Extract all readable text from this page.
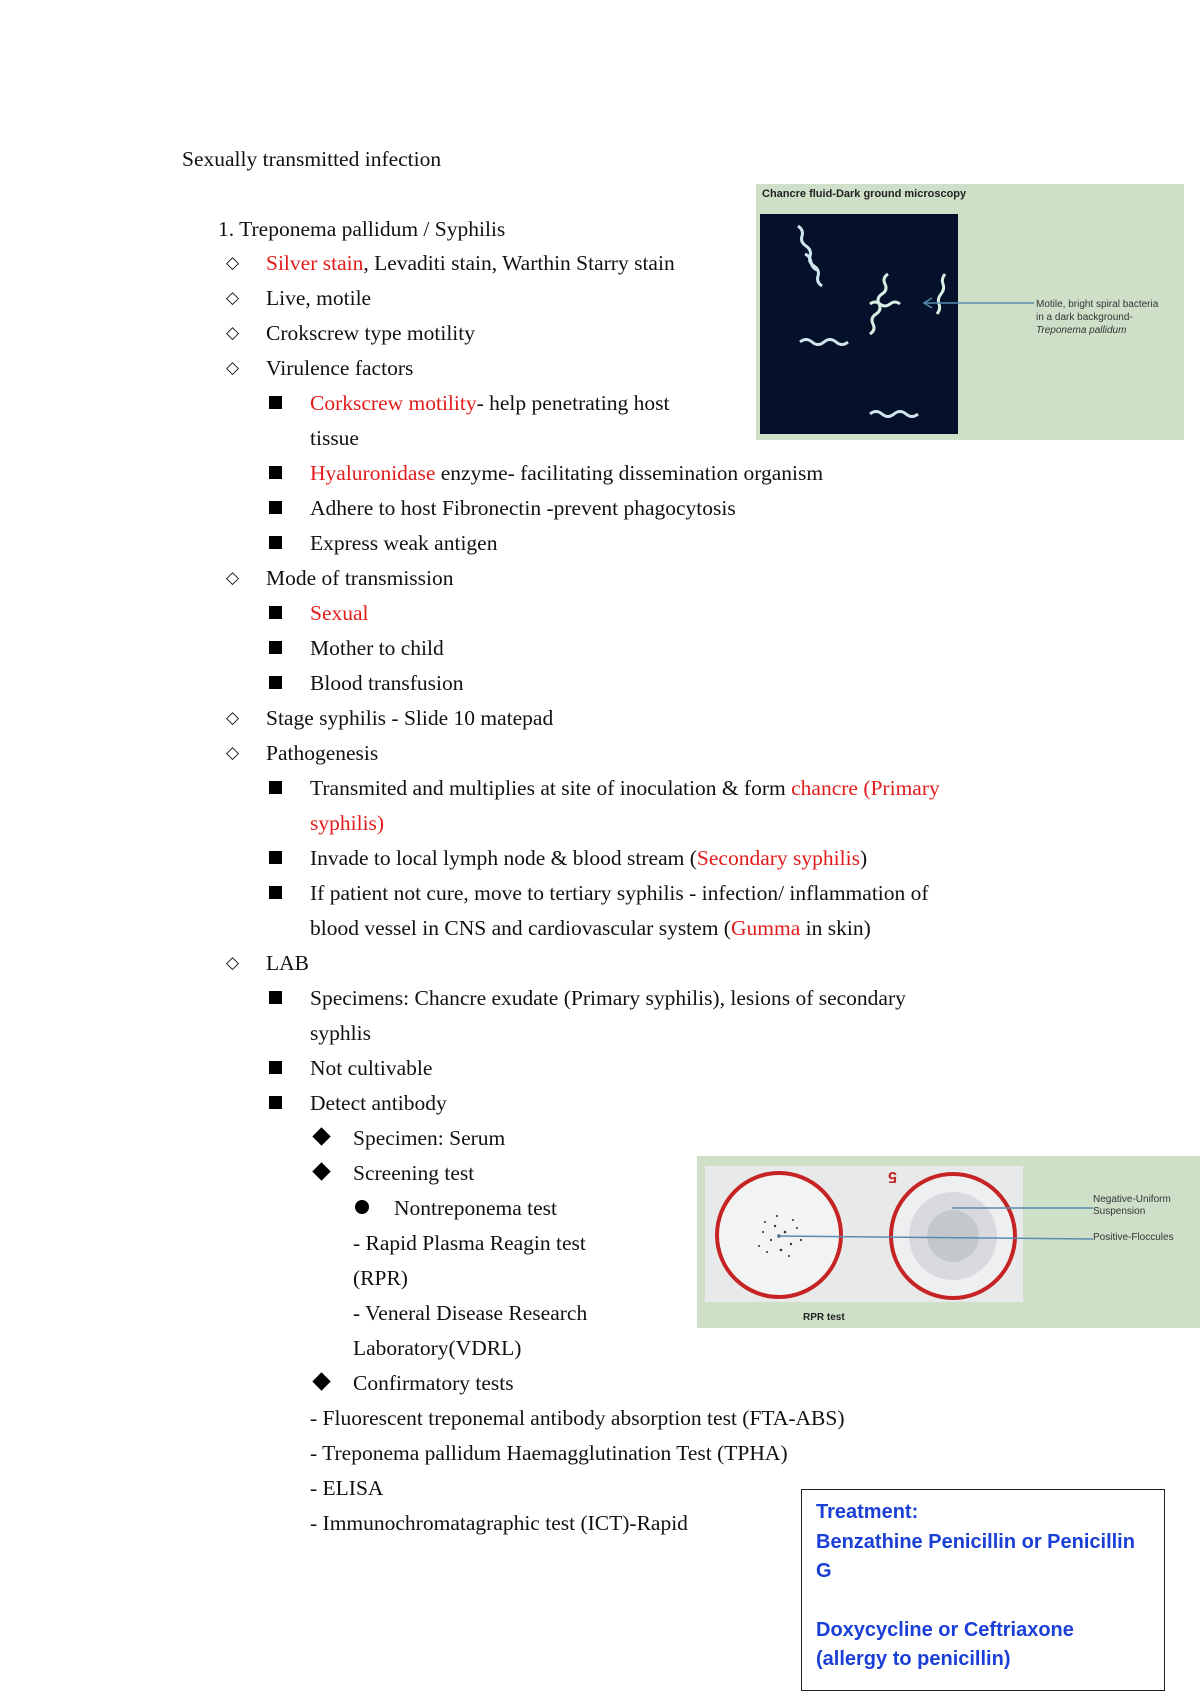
Sexually transmitted infection
1. Treponema pallidum / Syphilis
◇	Silver stain, Levaditi stain, Warthin Starry stain
◇	Live, motile
◇	Crokscrew type motility
◇	Virulence factors
Corkscrew motility- help penetrating host
tissue
Hyaluronidase enzyme- facilitating dissemination organism
Adhere to host Fibronectin -prevent phagocytosis
Express weak antigen
◇	Mode of transmission
Sexual
Mother to child
Blood transfusion
◇	Stage syphilis - Slide 10 matepad
◇	Pathogenesis
Transmited and multiplies at site of inoculation & form chancre (Primary
syphilis)
Invade to local lymph node & blood stream (Secondary syphilis)
If patient not cure, move to tertiary syphilis - infection/ inflammation of
blood vessel in CNS and cardiovascular system (Gumma in skin)
◇	LAB
Specimens: Chancre exudate (Primary syphilis), lesions of secondary
syphlis
Not cultivable
Detect antibody
Specimen: Serum
Screening test
Nontreponema test
- Rapid Plasma Reagin test
(RPR)
- Veneral Disease Research
Laboratory(VDRL)
Confirmatory tests
- Fluorescent treponemal antibody absorption test (FTA-ABS)
- Treponema pallidum Haemagglutination Test (TPHA)
- ELISA
- Immunochromatagraphic test (ICT)-Rapid
Chancre fluid-Dark ground microscopy
Motile, bright spiral bacteria
in a dark background-
Treponema pallidum
5
Negative-Uniform
Suspension
Positive-Floccules
RPR test

Treatment:

Benzathine Penicillin or Penicillin G

Doxycycline or Ceftriaxone

(allergy to penicillin)
